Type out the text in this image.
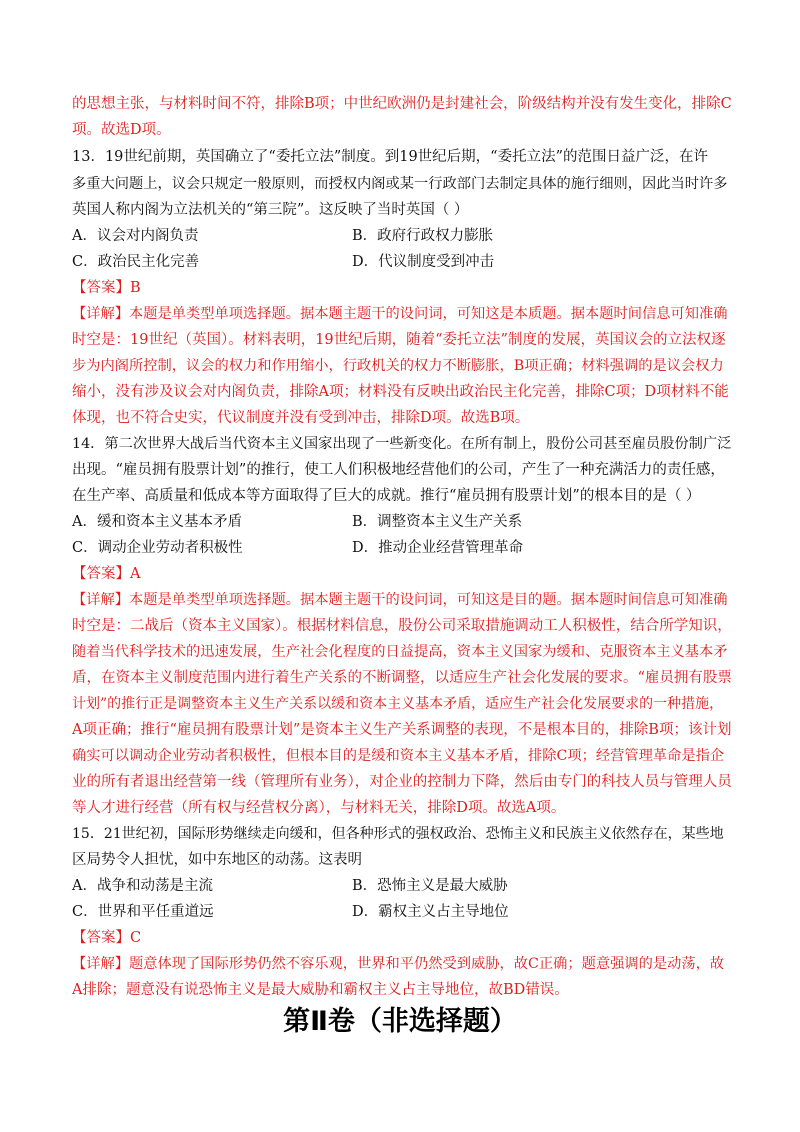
的思想主张，与材料时间不符，排除B项；中世纪欧洲仍是封建社会，阶级结构并没有发生变化，排除C
项。故选D项。
13．19世纪前期，英国确立了“委托立法”制度。到19世纪后期，“委托立法”的范围日益广泛，在许
多重大问题上，议会只规定一般原则，而授权内阁或某一行政部门去制定具体的施行细则，因此当时许多
英国人称内阁为立法机关的“第三院”。这反映了当时英国（ ）
A．议会对内阁负责	B．政府行政权力膨胀
C．政治民主化完善	D．代议制度受到冲击
【答案】B
【详解】本题是单类型单项选择题。据本题主题干的设问词，可知这是本质题。据本题时间信息可知准确
时空是：19世纪（英国）。材料表明，19世纪后期，随着“委托立法”制度的发展，英国议会的立法权逐
步为内阁所控制，议会的权力和作用缩小，行政机关的权力不断膨胀，B项正确；材料强调的是议会权力
缩小，没有涉及议会对内阁负责，排除A项；材料没有反映出政治民主化完善，排除C项；D项材料不能
体现，也不符合史实，代议制度并没有受到冲击，排除D项。故选B项。
14．第二次世界大战后当代资本主义国家出现了一些新变化。在所有制上，股份公司甚至雇员股份制广泛
出现。“雇员拥有股票计划”的推行，使工人们积极地经营他们的公司，产生了一种充满活力的责任感，
在生产率、高质量和低成本等方面取得了巨大的成就。推行“雇员拥有股票计划”的根本目的是（ ）
A．缓和资本主义基本矛盾	B．调整资本主义生产关系
C．调动企业劳动者积极性	D．推动企业经营管理革命
【答案】A
【详解】本题是单类型单项选择题。据本题主题干的设问词，可知这是目的题。据本题时间信息可知准确
时空是：二战后（资本主义国家）。根据材料信息，股份公司采取措施调动工人积极性，结合所学知识，
随着当代科学技术的迅速发展，生产社会化程度的日益提高，资本主义国家为缓和、克服资本主义基本矛
盾，在资本主义制度范围内进行着生产关系的不断调整，以适应生产社会化发展的要求。“雇员拥有股票
计划”的推行正是调整资本主义生产关系以缓和资本主义基本矛盾，适应生产社会化发展要求的一种措施，
A项正确；推行“雇员拥有股票计划”是资本主义生产关系调整的表现，不是根本目的，排除B项；该计划
确实可以调动企业劳动者积极性，但根本目的是缓和资本主义基本矛盾，排除C项；经营管理革命是指企
业的所有者退出经营第一线（管理所有业务），对企业的控制力下降，然后由专门的科技人员与管理人员
等人才进行经营（所有权与经营权分离），与材料无关，排除D项。故选A项。
15．21世纪初，国际形势继续走向缓和，但各种形式的强权政治、恐怖主义和民族主义依然存在，某些地
区局势令人担忧，如中东地区的动荡。这表明
A．战争和动荡是主流	B．恐怖主义是最大威胁
C．世界和平任重道远	D．霸权主义占主导地位
【答案】C
【详解】题意体现了国际形势仍然不容乐观，世界和平仍然受到威胁，故C正确；题意强调的是动荡，故
A排除；题意没有说恐怖主义是最大威胁和霸权主义占主导地位，故BD错误。
第Ⅱ卷（非选择题）
